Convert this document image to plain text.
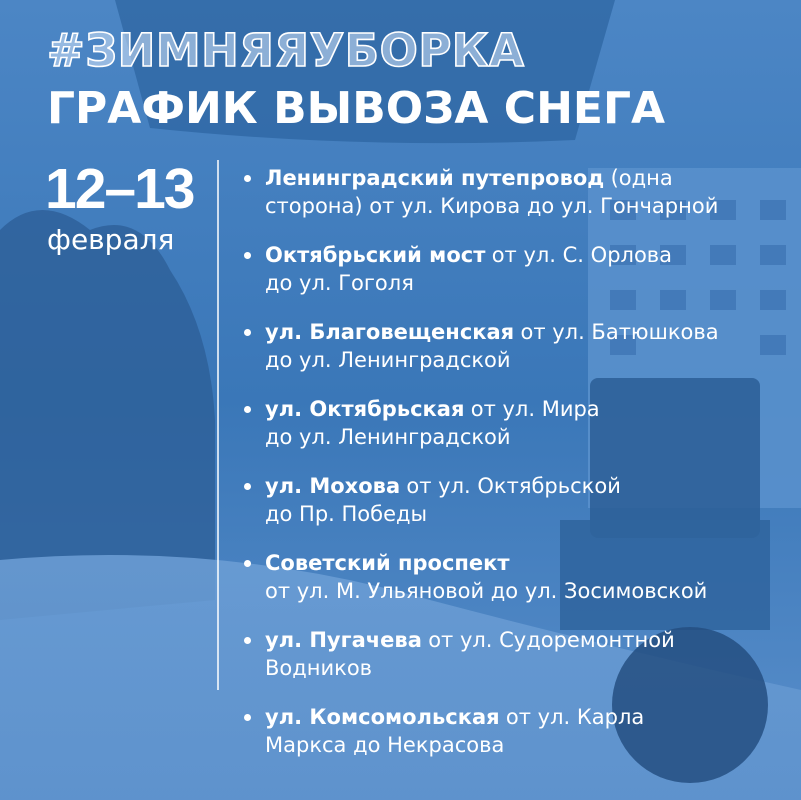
#ЗИМНЯЯУБОРКА
ГРАФИК ВЫВОЗА СНЕГА
12–13
февраля
Ленинградский путепровод (одна
сторона) от ул. Кирова до ул. Гончарной
Октябрьский мост от ул. С. Орлова
до ул. Гоголя
ул. Благовещенская от ул. Батюшкова
до ул. Ленинградской
ул. Октябрьская от ул. Мира
до ул. Ленинградской
ул. Мохова от ул. Октябрьской
до Пр. Победы
Советский проспект
от ул. М. Ульяновой до ул. Зосимовской
ул. Пугачева от ул. Судоремонтной
Водников
ул. Комсомольская от ул. Карла
Маркса до Некрасова
